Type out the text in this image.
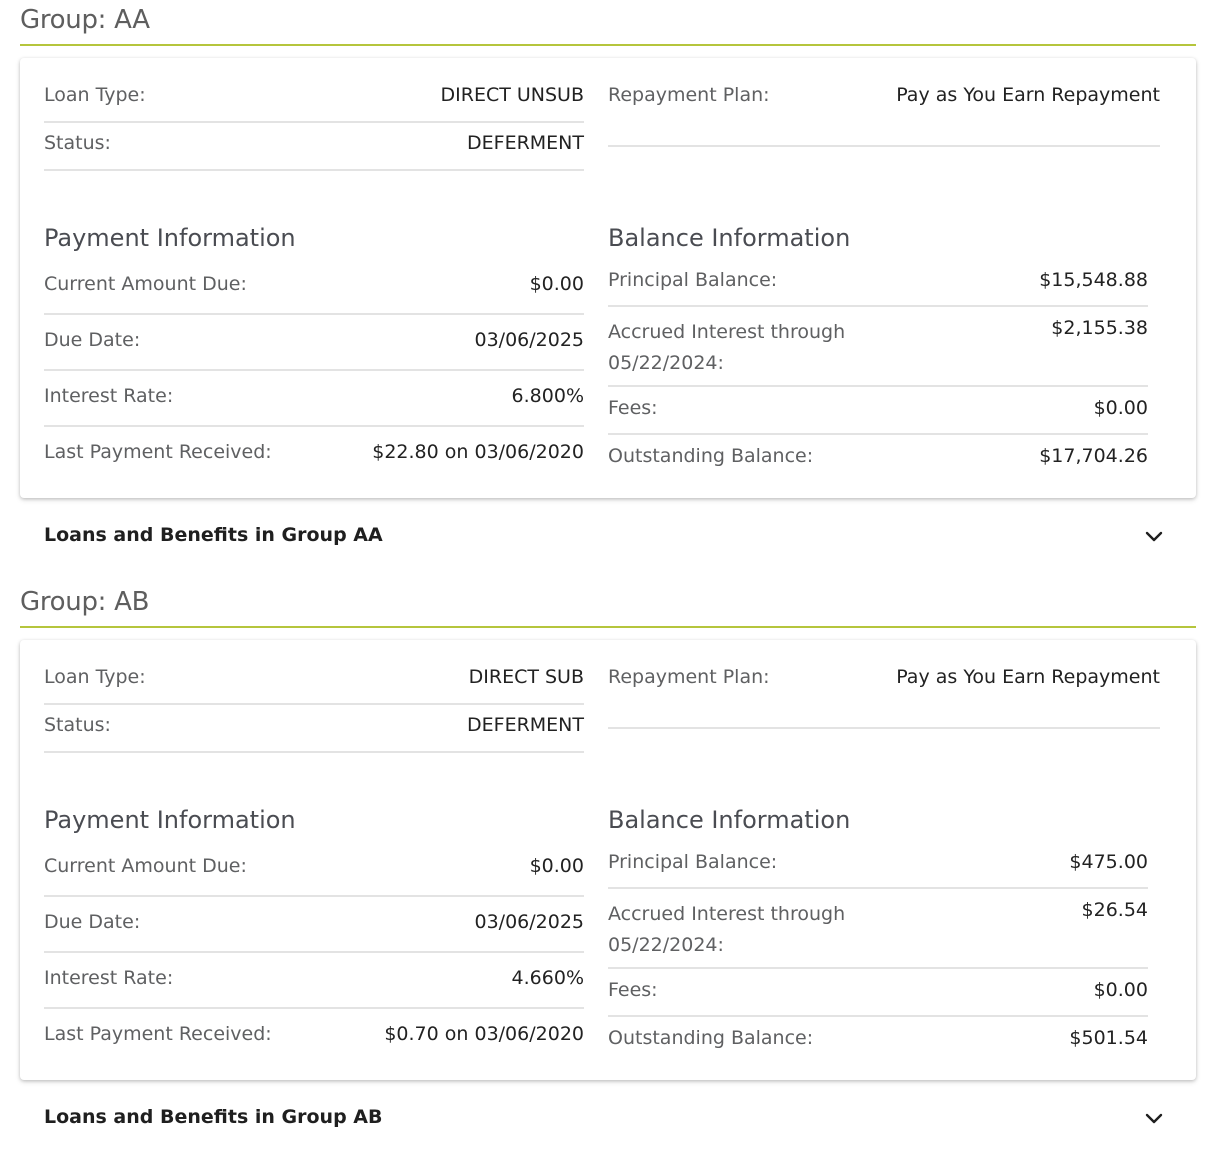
Group: AA
Loan Type:	DIRECT UNSUB
Status:	DEFERMENT
Repayment Plan:	Pay as You Earn Repayment
Payment Information
Current Amount Due:	$0.00
Due Date:	03/06/2025
Interest Rate:	6.800%
Last Payment Received:	$22.80 on 03/06/2020
Balance Information
Principal Balance:	$15,548.88
Accrued Interest through
05/22/2024:
$2,155.38
Fees:	$0.00
Outstanding Balance:	$17,704.26
Loans and Benefits in Group AA
Group: AB
Loan Type:	DIRECT SUB
Status:	DEFERMENT
Repayment Plan:	Pay as You Earn Repayment
Payment Information
Current Amount Due:	$0.00
Due Date:	03/06/2025
Interest Rate:	4.660%
Last Payment Received:	$0.70 on 03/06/2020
Balance Information
Principal Balance:	$475.00
Accrued Interest through
05/22/2024:
$26.54
Fees:	$0.00
Outstanding Balance:	$501.54
Loans and Benefits in Group AB
